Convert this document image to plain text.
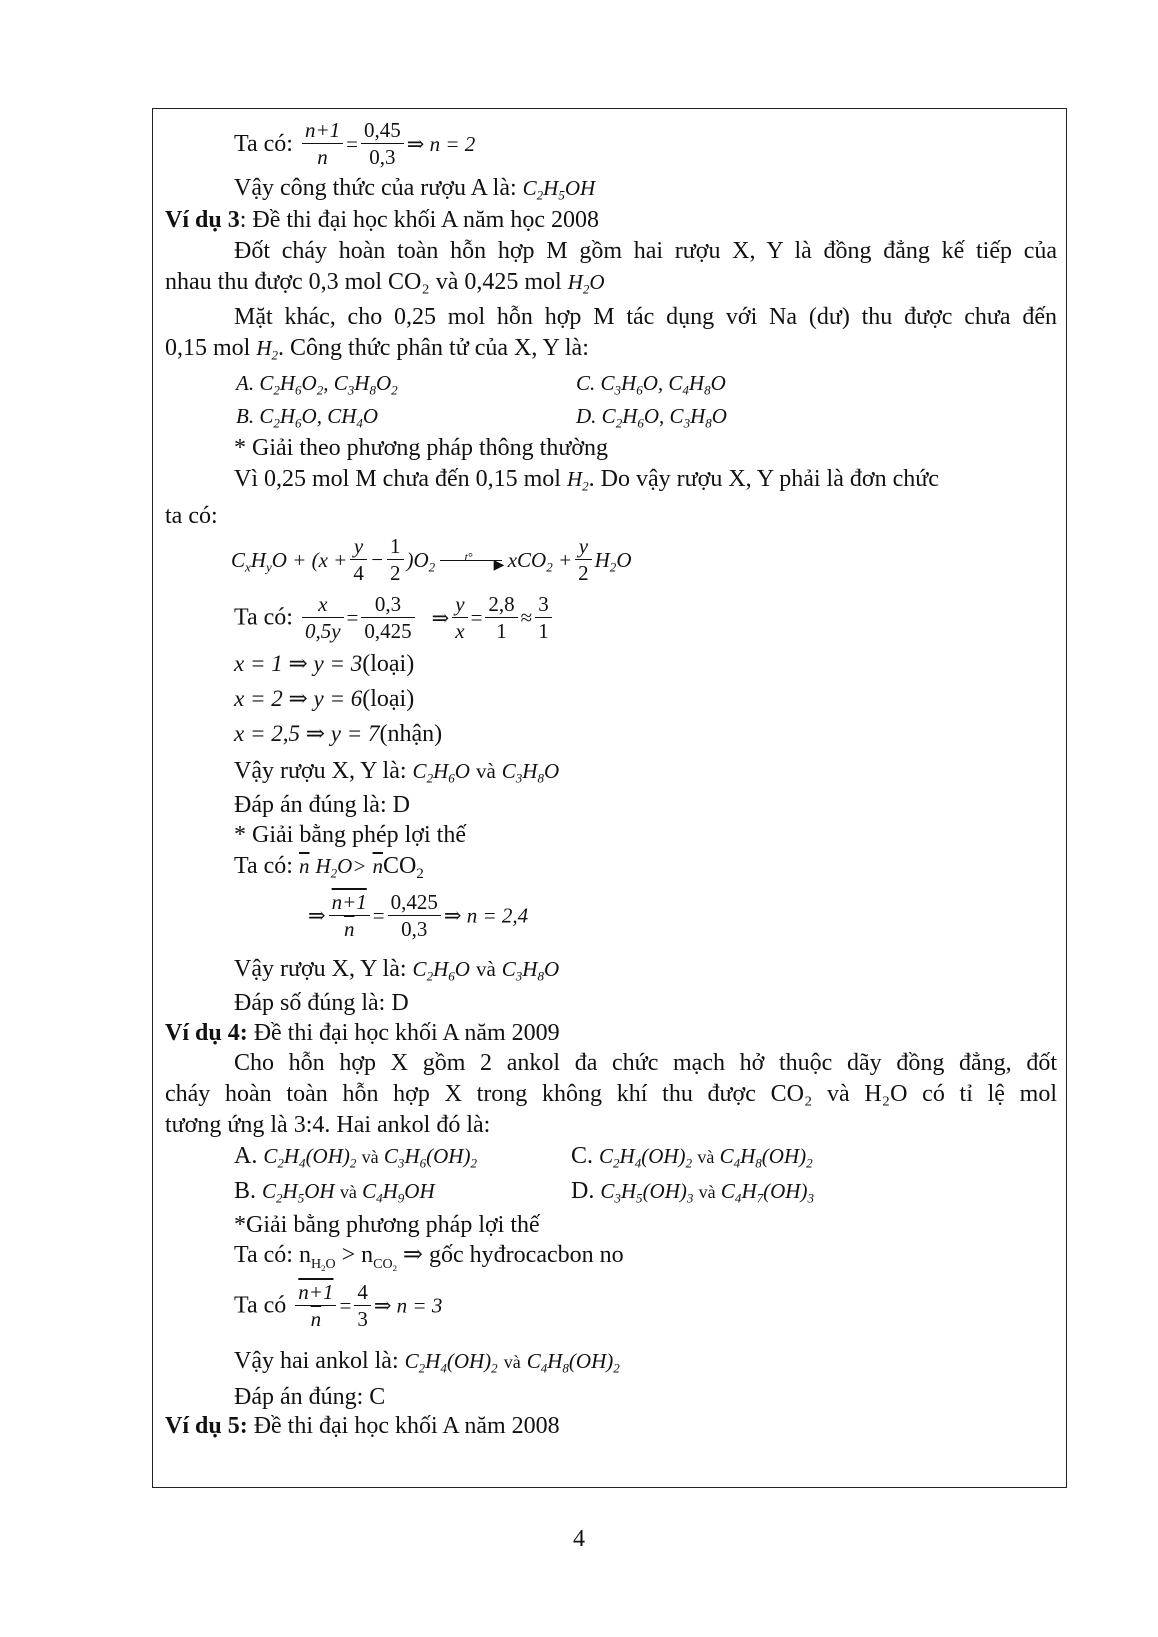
Ta có: $\frac{n+1}{n} = \frac{0,45}{0,3}$ ⇒ n = 2
Vậy công thức của rượu A là: $C_2H_5OH$
Ví dụ 3: Đề thi đại học khối A năm học 2008
Đốt cháy hoàn toàn hỗn hợp M gồm hai rượu X, Y là đồng đẳng kế tiếp của
nhau thu được 0,3 mol CO₂ và 0,425 mol $H_2O$
Mặt khác, cho 0,25 mol hỗn hợp M tác dụng với Na (dư) thu được chưa đến
0,15 mol $H_2$. Công thức phân tử của X, Y là:
A. $C_2H_6O_2$, $C_3H_8O_2$	C. $C_3H_6O$, $C_4H_8O$
B. $C_2H_6O$, $CH_4O$	D. $C_2H_6O$, $C_3H_8O$
* Giải theo phương pháp thông thường
Vì 0,25 mol M chưa đến 0,15 mol $H_2$. Do vậy rượu X, Y phải là đơn chức
ta có:
$C_xH_yO + (x + \frac{y}{4} - \frac{1}{2} )O_2$
t°
▶ $xCO_2 + \frac{y}{2} H_2O$
Ta có: $\frac{x}{0,5y} = \frac{0,3}{0,425}$ ⇒ $\frac{y}{x} = \frac{2,8}{1} \approx \frac{3}{1}$
x = 1 ⇒ y = 3(loại)
x = 2 ⇒ y = 6(loại)
x = 2,5 ⇒ y = 7(nhận)
Vậy rượu X, Y là: $C_2H_6O$ và $C_3H_8O$
Đáp án đúng là: D
* Giải bằng phép lợi thế
Ta có: $\overline{n}$ $H_2O> \overline{n}CO_2$
⇒ $\frac{n+1}{n} = \frac{0,425}{0,3}$ ⇒ n = 2,4
Vậy rượu X, Y là: $C_2H_6O$ và $C_3H_8O$
Đáp số đúng là: D
Ví dụ 4: Đề thi đại học khối A năm 2009
Cho hỗn hợp X gồm 2 ankol đa chức mạch hở thuộc dãy đồng đẳng, đốt
cháy hoàn toàn hỗn hợp X trong không khí thu được CO₂ và H₂O có tỉ lệ mol
tương ứng là 3:4. Hai ankol đó là:
A. $C_2H_4(OH)_2$ và $C_3H_6(OH)_2$	C. $C_2H_4(OH)_2$ và $C_4H_8(OH)_2$
B. $C_2H_5OH$ và $C_4H_9OH$	D. $C_3H_5(OH)_3$ và $C_4H_7(OH)_3$
*Giải bằng phương pháp lợi thế
Ta có: $n_{H_2O} > n_{CO_2}$ ⇒ gốc hyđrocacbon no
Ta có $\frac{n+1}{n} = \frac{4}{3}$ ⇒ n = 3
Vậy hai ankol là: $C_2H_4(OH)_2$ và $C_4H_8(OH)_2$
Đáp án đúng: C
Ví dụ 5: Đề thi đại học khối A năm 2008
4
